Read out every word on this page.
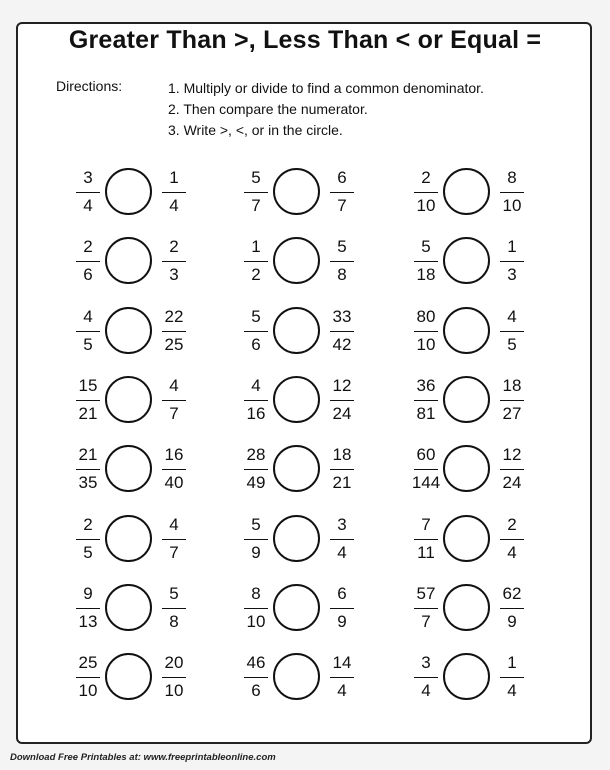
Greater Than >, Less Than < or Equal =
Directions:	1. Multiply or divide to find a common denominator.
2. Then compare the numerator.
3. Write >, <, or in the circle.
3
4
1
4
5
7
6
7
2
10
8
10
2
6
2
3
1
2
5
8
5
18
1
3
4
5
22
25
5
6
33
42
80
10
4
5
15
21
4
7
4
16
12
24
36
81
18
27
21
35
16
40
28
49
18
21
60
144
12
24
2
5
4
7
5
9
3
4
7
11
2
4
9
13
5
8
8
10
6
9
57
7
62
9
25
10
20
10
46
6
14
4
3
4
1
4
Download Free Printables at: www.freeprintableonline.com
